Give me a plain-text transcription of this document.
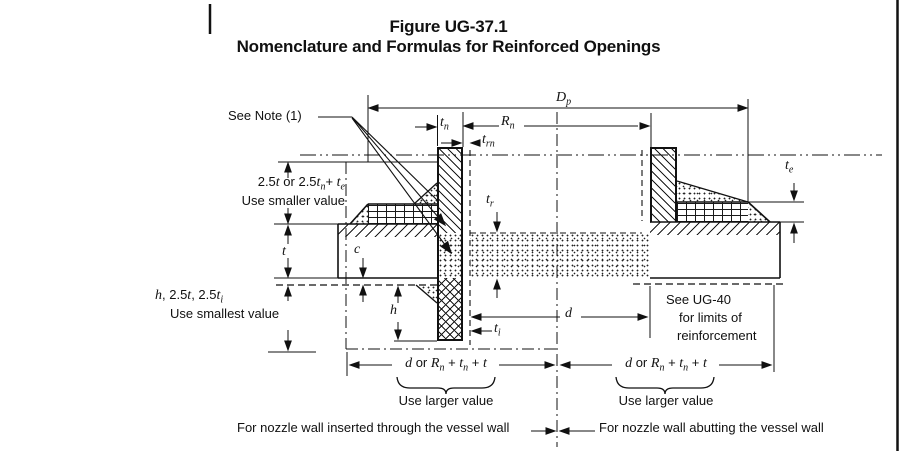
Figure UG-37.1
Nomenclature and Formulas for Reinforced Openings
See Note (1)
2.5t or $2.5t_n+ t_e$
Use smaller value
t
h, 2.5t, $2.5t_i$
Use smallest value
c
h
$t_n$	$R_n$
$t_{rn}$
$t_r$
$D_p$
d
$t_i$
$t_e$
See UG-40
for limits of
reinforcement
d or $R_n + t_n + t$	d or $R_n + t_n + t$
Use larger value	Use larger value
For nozzle wall inserted through the vessel wall	For nozzle wall abutting the vessel wall
